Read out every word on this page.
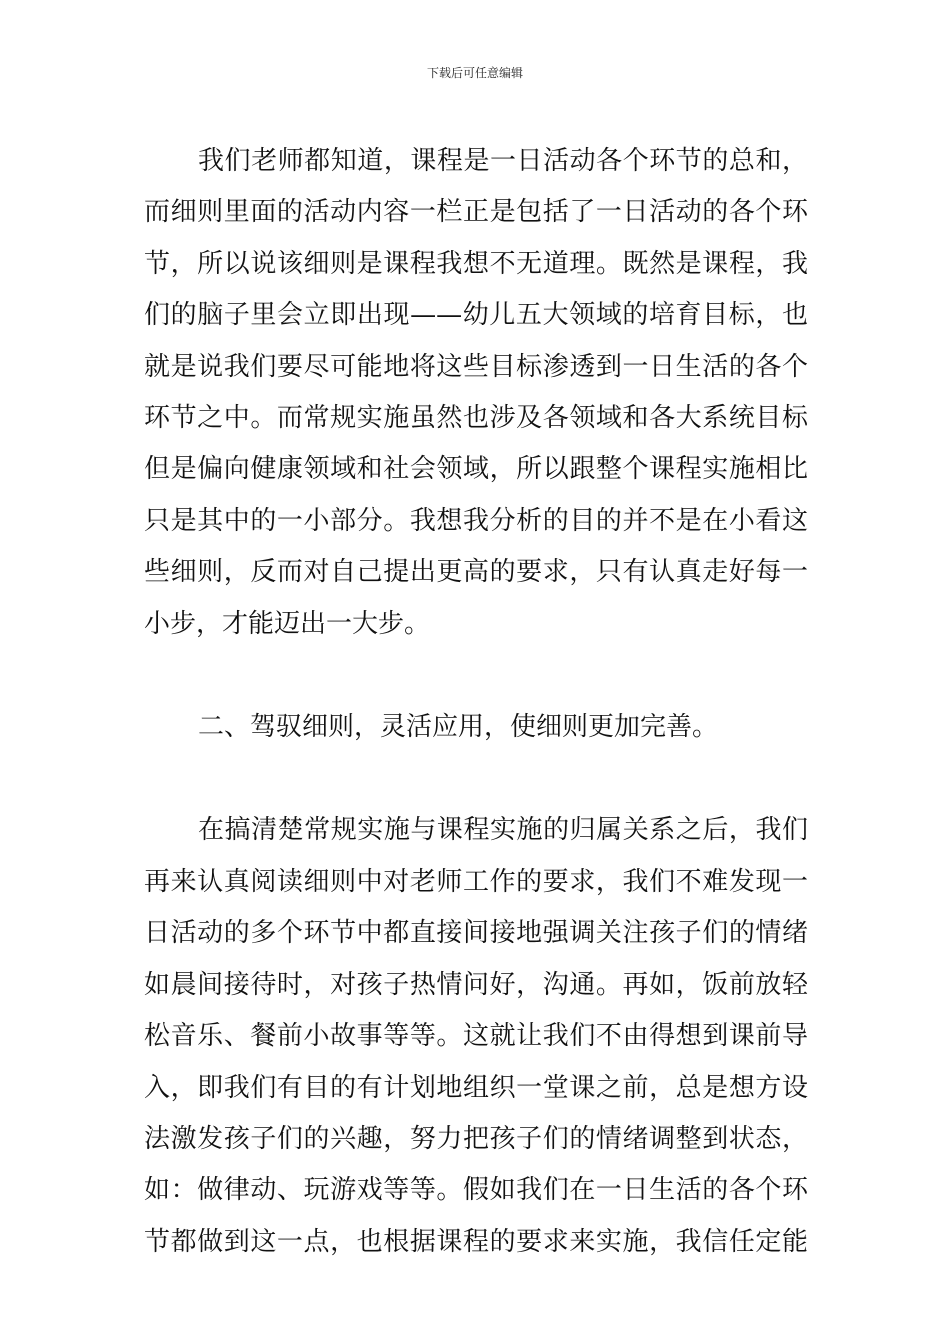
下载后可任意编辑
我们老师都知道，课程是一日活动各个环节的总和，
而细则里面的活动内容一栏正是包括了一日活动的各个环
节，所以说该细则是课程我想不无道理。既然是课程，我
们的脑子里会立即出现——幼儿五大领域的培育目标，也
就是说我们要尽可能地将这些目标渗透到一日生活的各个
环节之中。而常规实施虽然也涉及各领域和各大系统目标
但是偏向健康领域和社会领域，所以跟整个课程实施相比
只是其中的一小部分。我想我分析的目的并不是在小看这
些细则，反而对自己提出更高的要求，只有认真走好每一
小步，才能迈出一大步。
二、驾驭细则，灵活应用，使细则更加完善。
在搞清楚常规实施与课程实施的归属关系之后，我们
再来认真阅读细则中对老师工作的要求，我们不难发现一
日活动的多个环节中都直接间接地强调关注孩子们的情绪
如晨间接待时，对孩子热情问好，沟通。再如，饭前放轻
松音乐、餐前小故事等等。这就让我们不由得想到课前导
入，即我们有目的有计划地组织一堂课之前，总是想方设
法激发孩子们的兴趣，努力把孩子们的情绪调整到状态，
如：做律动、玩游戏等等。假如我们在一日生活的各个环
节都做到这一点，也根据课程的要求来实施，我信任定能
